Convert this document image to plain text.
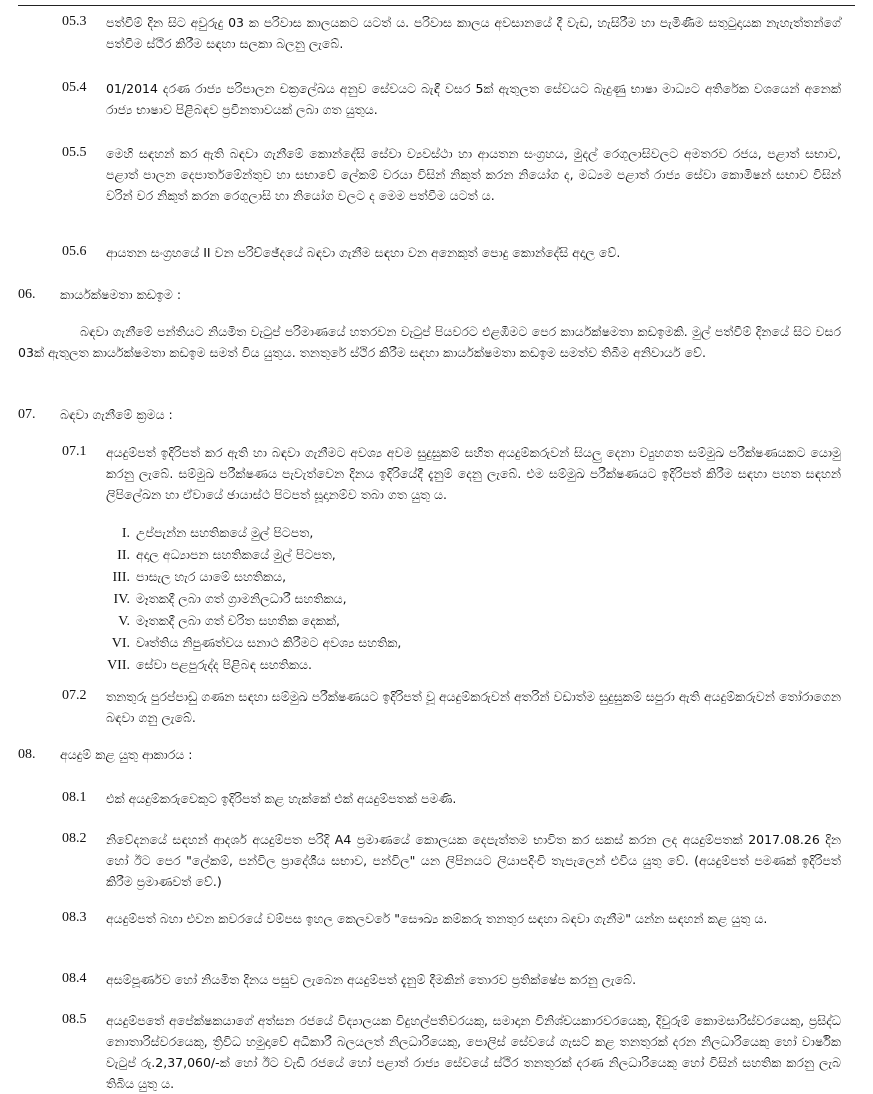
05.3 පත්වීම් දින සිට අවුරුදු 03 ක පරිවාස කාලයකට යටත් ය. පරිවාස කාලය අවසානයේ දී වැඩ, හැසිරීම හා පැමිණීම සතුටුදායක නැහැත්තන්ගේ පත්වීම ස්ථිර කිරීම සඳහා සලකා බලනු ලැබේ.
05.4 01/2014 දරණ රාජ්‍ය පරිපාලන චක්‍රලේඛය අනුව සේවයට බැඳී වසර 5ක් ඇතුලත සේවයට බැදුණු භාෂා මාධ්‍යට අතිරේක වශයෙන් අනෙක් රාජ්‍ය භාෂාව පිළිබඳව ප්‍රවීනතාවයක් ලබා ගත යුතුය.
05.5 මෙහි සඳහන් කර ඇති බඳවා ගැනීමේ කොන්දේසි සේවා ව්‍යවස්ථා හා ආයතන සංග්‍රහය, මුදල් රෙගුලාසිවලට අමතරව රජය, පළාත් සභාව, පළාත් පාලන දෙපාර්තමේන්තුව හා සභාවේ ලේකම් වරයා විසින් නිකුත් කරන නියෝග ද, මධ්‍යම පළාත් රාජ්‍ය සේවා කොමිෂන් සභාව විසින් වරින් වර නිකුත් කරන රෙගුලාසි හා නියෝග වලට ද මෙම පත්වීම යටත් ය.
05.6 ආයතන සංග්‍රහයේ II වන පරිච්ඡේදයේ බඳවා ගැනීම සඳහා වන අනෙකුත් පොදු කොන්දේසි අදාල වේ.
06. කාර්යක්ෂමතා කඩඉම :
බඳවා ගැනීමේ පන්තියට නියමිත වැටුප් පරිමාණයේ හතරවන වැටුප් පියවරට එළඹීමට පෙර කාර්යක්ෂමතා කඩඉමකි. මුල් පත්වීම් දිනයේ සිට වසර 03ක් ඇතුලත කාර්යක්ෂමතා කඩඉම සමත් විය යුතුය. තනතුරේ ස්ථිර කිරීම සඳහා කාර්යක්ෂමතා කඩඉම සමත්ව තිබීම අනිවාර්ය වේ.
07. බඳවා ගැනීමේ ක්‍රමය :
07.1 අයදුම්පත් ඉදිරිපත් කර ඇති හා බඳවා ගැනීමට අවශ්‍ය අවම සුදුසුකම් සහිත අයදුම්කරුවන් සියලු දෙනා ව්‍යුහගත සම්මුඛ පරීක්ෂණයකට යොමු කරනු ලැබේ. සම්මුඛ පරීක්ෂණය පැවැත්වෙන දිනය ඉදිරියේදී දැනුම් දෙනු ලැබේ. එම සම්මුඛ පරීක්ෂණයට ඉදිරිපත් කිරීම සඳහා පහත සඳහන් ලිපිලේඛන හා ඒවායේ ඡායාස්ථ පිටපත් සූදානම්ව තබා ගත යුතු ය.
I. උප්පැන්න සහතිකයේ මුල් පිටපත,
II. අදාල අධ්‍යාපන සහතිකයේ මුල් පිටපත,
III. පාසැල හැර යාමේ සහතිකය,
IV. මෑතකදී ලබා ගත් ග්‍රාමනිලධාරී සහතිකය,
V. මෑතකදී ලබා ගත් චරිත සහතික දෙකක්,
VI. වෘත්තිය නිපුණත්වය සනාථ කිරීමට අවශ්‍ය සහතික,
VII. සේවා පළපුරුද්ද පිළිබඳ සහතිකය.
07.2 තනතුරු පුරප්පාඩු ගණන සඳහා සම්මුඛ පරීක්ෂණයට ඉදිරිපත් වූ අයදුම්කරුවන් අතරින් වඩාත්ම සුදුසුකම් සපුරා ඇති අයදුම්කරුවන් තෝරාගෙන බඳවා ගනු ලැබේ.
08. අයදුම් කළ යුතු ආකාරය :
08.1 එක් අයදුම්කරුවෙකුට ඉදිරිපත් කළ හැක්කේ එක් අයදුම්පතක් පමණි.
08.2 නිවේදනයේ සඳහන් ආදර්ශ අයදුම්පත පරිදි A4 ප්‍රමාණයේ කොලයක දෙපැත්තම භාවිත කර සකස් කරන ලද අයදුම්පතක් 2017.08.26 දින හෝ ඊට පෙර "ලේකම්, පන්විල ප්‍රාදේශීය සභාව, පන්විල" යන ලිපිනයට ලියාපදිංචි තැපැලෙන් එවිය යුතු වේ. (අයදුම්පත් පමණක් ඉදිරිපත් කිරීම ප්‍රමාණවත් වේ.)
08.3 අයදුම්පත් බහා එවන කවරයේ වම්පස ඉහල කෙලවරේ "සෞඛ්‍ය කම්කරු තනතුර සඳහා බඳවා ගැනීම" යන්න සඳහන් කළ යුතු ය.
08.4 අසම්පූර්ණව හෝ නියමිත දිනය පසුව ලැබෙන අයදුම්පත් දැනුම් දීමකින් තොරව ප්‍රතික්ෂේප කරනු ලැබේ.
08.5 අයදුම්පතේ අපේක්ෂකයාගේ අත්සන රජයේ විද්‍යාලයක විදුහල්පතිවරයකු, සමාදාන විනිශ්චයකාරවරයෙකු, දිවුරුම් කොමසාරිස්වරයෙකු, ප්‍රසිද්ධ නොතාරිස්වරයෙකු, ත්‍රිවිධ හමුදාවේ අධිකාරී බලයලත් නිලධාරියෙකු, පොලිස් සේවයේ ගැසට් කළ තනතුරක් දරන නිලධාරියෙකු හෝ වාර්ෂික වැටුප් රු.2,37,060/-ක් හෝ ඊට වැඩි රජයේ හෝ පළාත් රාජ්‍ය සේවයේ ස්ථිර තනතුරක් දරණ නිලධාරියෙකු හෝ විසින් සහතික කරනු ලැබ තිබිය යුතු ය.
